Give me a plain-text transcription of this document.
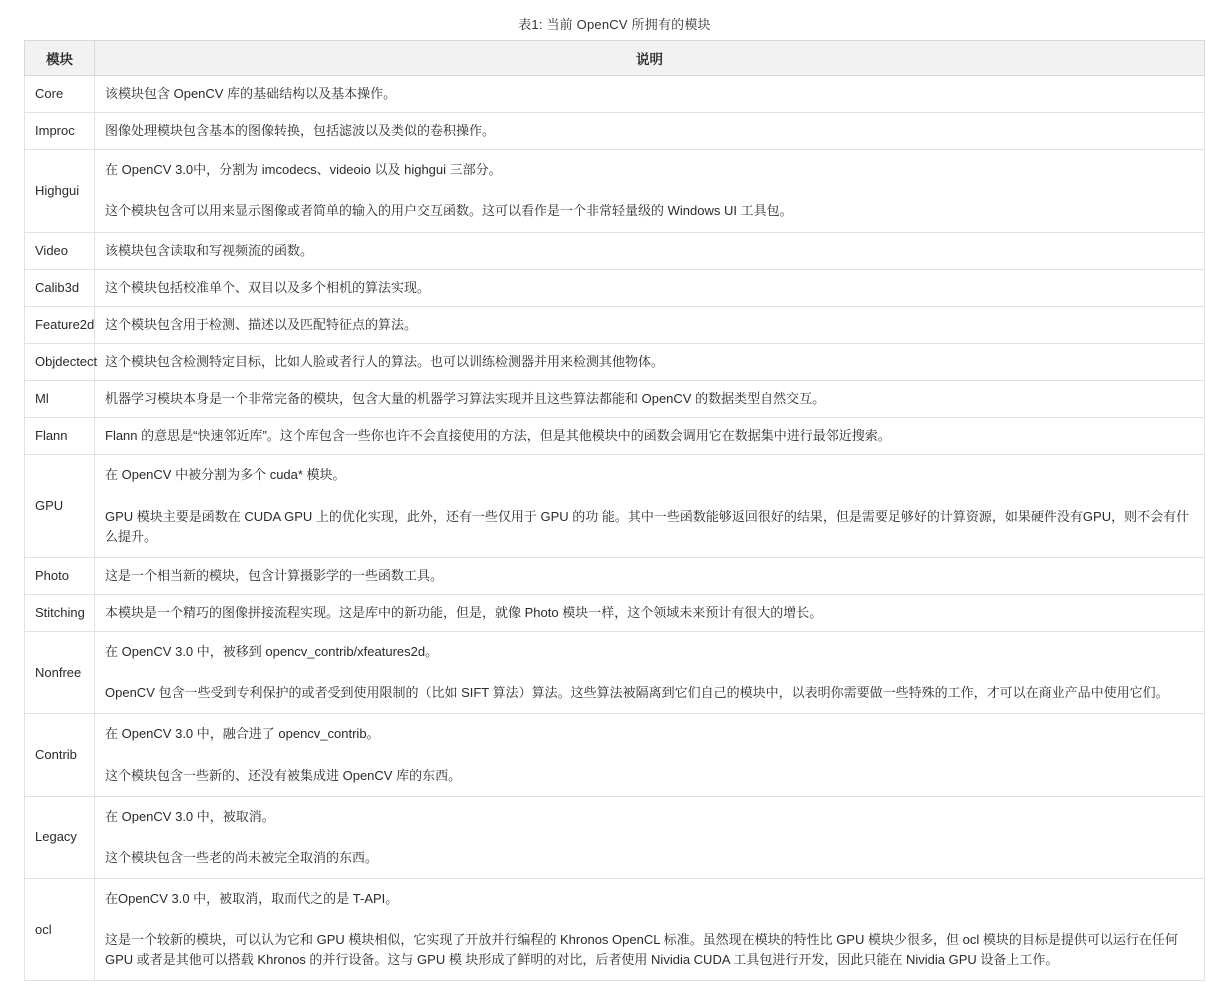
表1: 当前 OpenCV 所拥有的模块
模块	说明
Core	该模块包含 OpenCV 库的基础结构以及基本操作。

Improc	图像处理模块包含基本的图像转换，包括滤波以及类似的卷积操作。

Highgui	在 OpenCV 3.0中，分割为 imcodecs、videoio 以及 highgui 三部分。

这个模块包含可以用来显示图像或者简单的输入的用户交互函数。这可以看作是一个非常轻量级的 Windows UI 工具包。

Video	该模块包含读取和写视频流的函数。

Calib3d	这个模块包括校准单个、双目以及多个相机的算法实现。

Feature2d	这个模块包含用于检测、描述以及匹配特征点的算法。

Objdectect	这个模块包含检测特定目标，比如人脸或者行人的算法。也可以训练检测器并用来检测其他物体。

Ml	机器学习模块本身是一个非常完备的模块，包含大量的机器学习算法实现并且这些算法都能和 OpenCV 的数据类型自然交互。

Flann	Flann 的意思是“快速邻近库”。这个库包含一些你也许不会直接使用的方法，但是其他模块中的函数会调用它在数据集中进行最邻近搜索。

GPU	在 OpenCV 中被分割为多个 cuda* 模块。

GPU 模块主要是函数在 CUDA GPU 上的优化实现，此外，还有一些仅用于 GPU 的功 能。其中一些函数能够返回很好的结果，但是需要足够好的计算资源，如果硬件没有GPU，则不会有什么提升。

Photo	这是一个相当新的模块，包含计算摄影学的一些函数工具。

Stitching	本模块是一个精巧的图像拼接流程实现。这是库中的新功能，但是，就像 Photo 模块一样，这个领域未来预计有很大的增长。

Nonfree	在 OpenCV 3.0 中，被移到 opencv_contrib/xfeatures2d。

OpenCV 包含一些受到专利保护的或者受到使用限制的（比如 SIFT 算法）算法。这些算法被隔离到它们自己的模块中，以表明你需要做一些特殊的工作，才可以在商业产品中使用它们。

Contrib	在 OpenCV 3.0 中，融合进了 opencv_contrib。

这个模块包含一些新的、还没有被集成进 OpenCV 库的东西。

Legacy	在 OpenCV 3.0 中，被取消。

这个模块包含一些老的尚未被完全取消的东西。

ocl	在OpenCV 3.0 中，被取消，取而代之的是 T-API。

这是一个较新的模块，可以认为它和 GPU 模块相似，它实现了开放并行编程的 Khronos OpenCL 标准。虽然现在模块的特性比 GPU 模块少很多，但 ocl 模块的目标是提供可以运行在任何 GPU 或者是其他可以搭载 Khronos 的并行设备。这与 GPU 模 块形成了鲜明的对比，后者使用 Nividia CUDA 工具包进行开发，因此只能在 Nividia GPU 设备上工作。
